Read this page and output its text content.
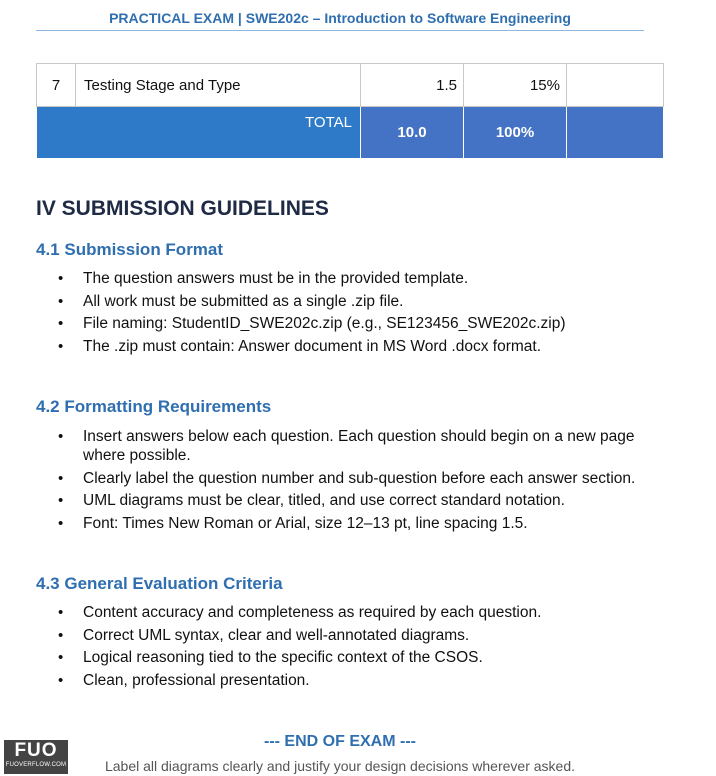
PRACTICAL EXAM | SWE202c – Introduction to Software Engineering
7	Testing Stage and Type	1.5	15%	
TOTAL		10.0	100%	
IV SUBMISSION GUIDELINES
4.1 Submission Format
• The question answers must be in the provided template.
• All work must be submitted as a single .zip file.
• File naming: StudentID_SWE202c.zip (e.g., SE123456_SWE202c.zip)
• The .zip must contain: Answer document in MS Word .docx format.
4.2 Formatting Requirements
• Insert answers below each question. Each question should begin on a new page where possible.
• Clearly label the question number and sub-question before each answer section.
• UML diagrams must be clear, titled, and use correct standard notation.
• Font: Times New Roman or Arial, size 12–13 pt, line spacing 1.5.
4.3 General Evaluation Criteria
• Content accuracy and completeness as required by each question.
• Correct UML syntax, clear and well-annotated diagrams.
• Logical reasoning tied to the specific context of the CSOS.
• Clean, professional presentation.
--- END OF EXAM ---
Label all diagrams clearly and justify your design decisions wherever asked.
FUO
FUOVERFLOW.COM
